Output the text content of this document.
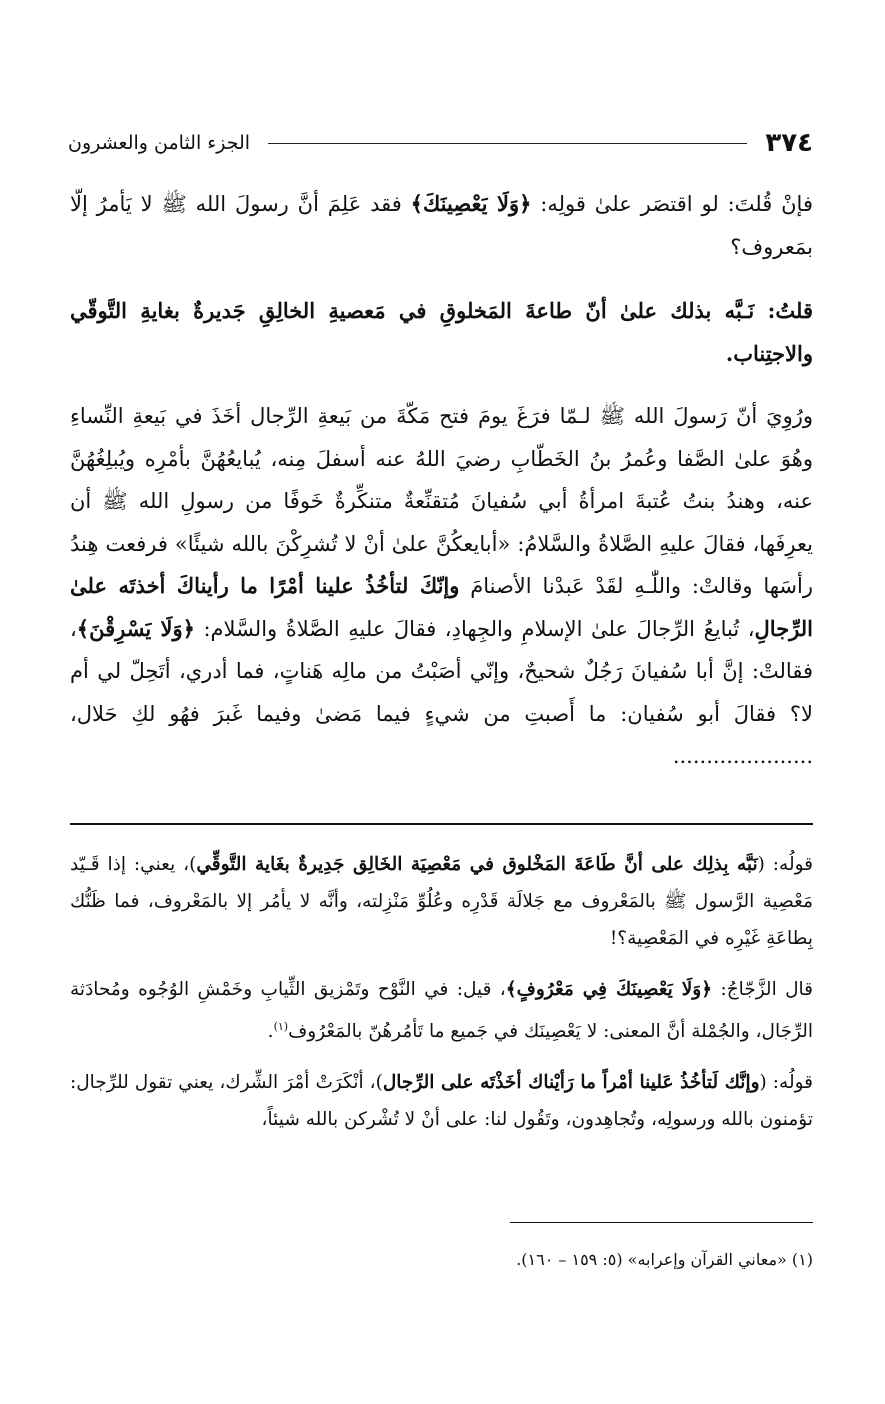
٣٧٤
الجزء الثامن والعشرون

فإنْ قُلتَ: لو اقتصَر علىٰ قولِه: ﴿وَلَا يَعْصِينَكَ﴾ فقد عَلِمَ أنَّ رسولَ الله ﷺ لا يَأمرُ إلّا بمَعروف؟

قلتُ: نَـبَّه بذلك علىٰ أنّ طاعةَ المَخلوقِ في مَعصيةِ الخالِقِ جَديرةٌ بغايةِ التَّوقّي والاجتِناب.

ورُوِيَ أنّ رَسولَ الله ﷺ لـمّا فرَغَ يومَ فتح مَكّةَ من بَيعةِ الرِّجال أخَذَ في بَيعةِ النِّساءِ وهُوَ علىٰ الصَّفا وعُمرُ بنُ الخَطّابِ رضيَ اللهُ عنه أسفلَ مِنه، يُبايعُهُنَّ بأمْرِه ويُبلِغُهُنَّ عنه، وهندُ بنتُ عُتبةَ امرأةُ أبي سُفيانَ مُتقنِّعةٌ متنكِّرةٌ خَوفًا من رسولِ الله ﷺ أن يعرِفَها، فقالَ عليهِ الصَّلاةُ والسَّلامُ: «أبايعكُنَّ علىٰ أنْ لا تُشرِكْنَ بالله شيئًا» فرفعت هِندُ رأسَها وقالتْ: واللّٰـهِ لقَدْ عَبدْنا الأصنامَ وإنّكَ لتأخُذُ علينا أمْرًا ما رأيناكَ أخذتَه علىٰ الرِّجالِ، تُبايعُ الرِّجالَ علىٰ الإسلامِ والجِهادِ، فقالَ عليهِ الصَّلاةُ والسَّلام: ﴿وَلَا يَسْرِقْنَ﴾، فقالتْ: إنَّ أبا سُفيانَ رَجُلٌ شحيحٌ، وإنّي أصَبْتُ من مالِه هَناتٍ، فما أدري، أتَحِلّ لي أم لا؟ فقالَ أبو سُفيان: ما أَصبتِ من شيءٍ فيما مَضىٰ وفيما غَبرَ فهُو لكِ حَلال، .....................

قولُه: (نَبَّه بِذلِك على أنَّ طَاعَةَ المَخْلوق في مَعْصِيَة الخَالِق جَدِيرةٌ بغَاية التَّوقِّي)، يعني: إذا قَـيّد مَعْصِية الرَّسول ﷺ بالمَعْروف مع جَلالَة قَدْرِه وعُلُوِّ مَنْزِلته، وأنَّه لا يأمُر إلا بالمَعْروف، فما ظَنُّك بِطاعَةِ غَيْرِه في المَعْصِية؟!

قال الزَّجّاجُ: ﴿وَلَا يَعْصِينَكَ فِي مَعْرُوفٍ﴾، قيل: في النَّوْح وتَمْزيق الثِّيابِ وخَمْشِ الوُجُوه ومُحادَثة الرِّجَال، والجُمْلة أنَّ المعنى: لا يَعْصِينَك في جَميع ما تَأمُرهُنّ بالمَعْرُوف$^{(١)}$.

قولُه: (وإنَّك لَتأخُذُ عَلينا أمْراً ما رَأيْناك أخَذْتَه على الرِّجال)، أنْكَرَتْ أمْرَ الشِّرك، يعني تقول للرِّجال: تؤمنون بالله ورسولِه، وتُجاهِدون، وتَقُول لنا: على أنْ لا تُشْركن بالله شيئاً،

(١) «معاني القرآن وإعرابه» (٥: ١٥٩ – ١٦٠).
